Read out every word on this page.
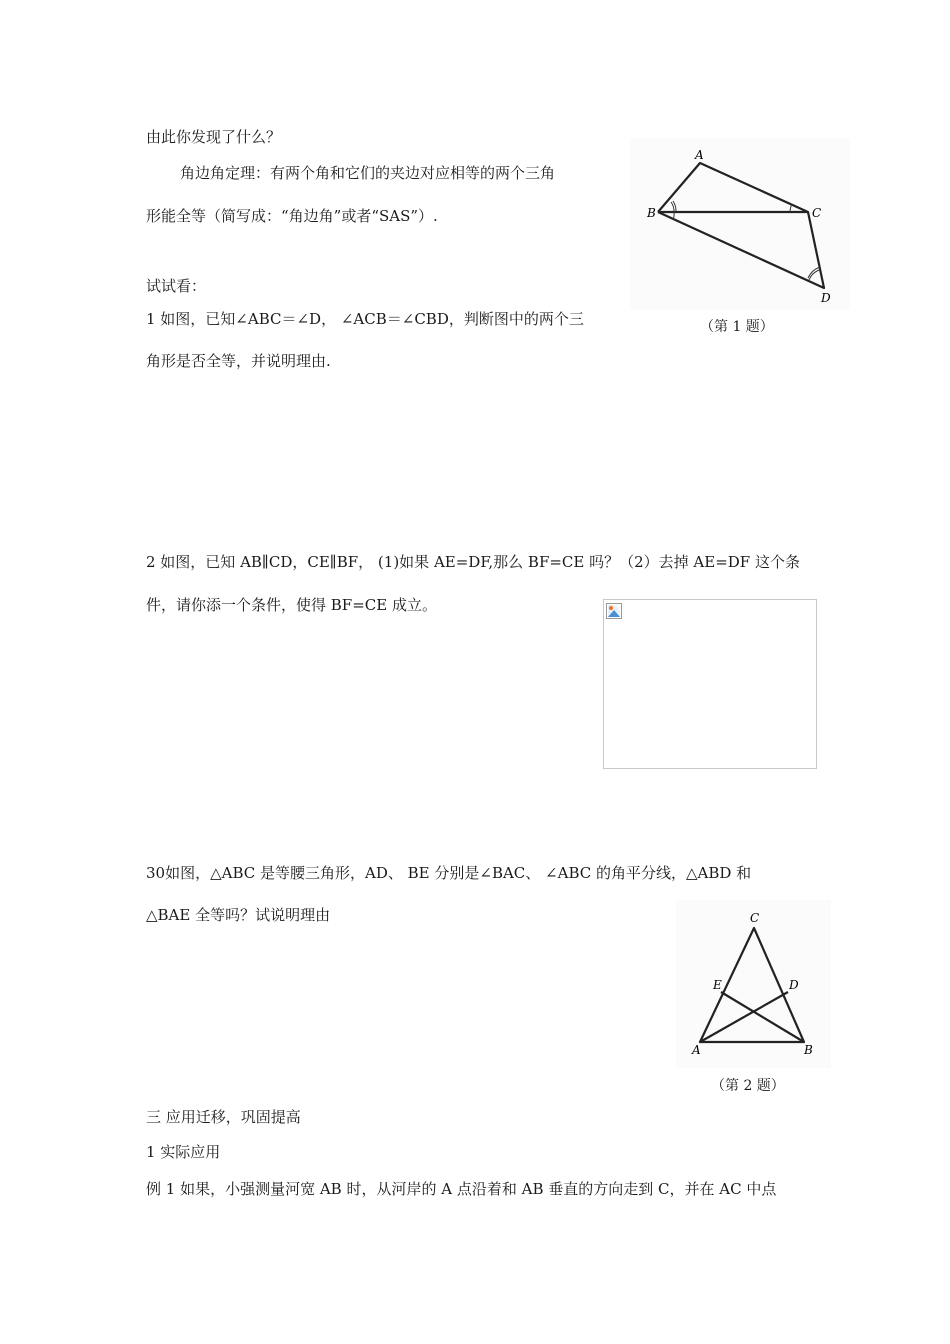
由此你发现了什么？
角边角定理：有两个角和它们的夹边对应相等的两个三角
形能全等（简写成：“角边角”或者“SAS”）.
试试看：
1 如图，已知∠ABC＝∠D， ∠ACB＝∠CBD，判断图中的两个三
角形是否全等，并说明理由.
2 如图，已知 AB∥CD，CE∥BF， (1)如果 AE=DF,那么 BF=CE 吗？（2）去掉 AE=DF 这个条
件，请你添一个条件，使得 BF=CE 成立。
30如图，△ABC 是等腰三角形，AD、 BE 分别是∠BAC、 ∠ABC 的角平分线，△ABD 和
△BAE 全等吗？试说明理由
三 应用迁移，巩固提高
1 实际应用
例 1 如果，小强测量河宽 AB 时，从河岸的 A 点沿着和 AB 垂直的方向走到 C，并在 AC 中点
A
B	C
D
（第 1 题）
C
E	D
A	B
（第 2 题）
